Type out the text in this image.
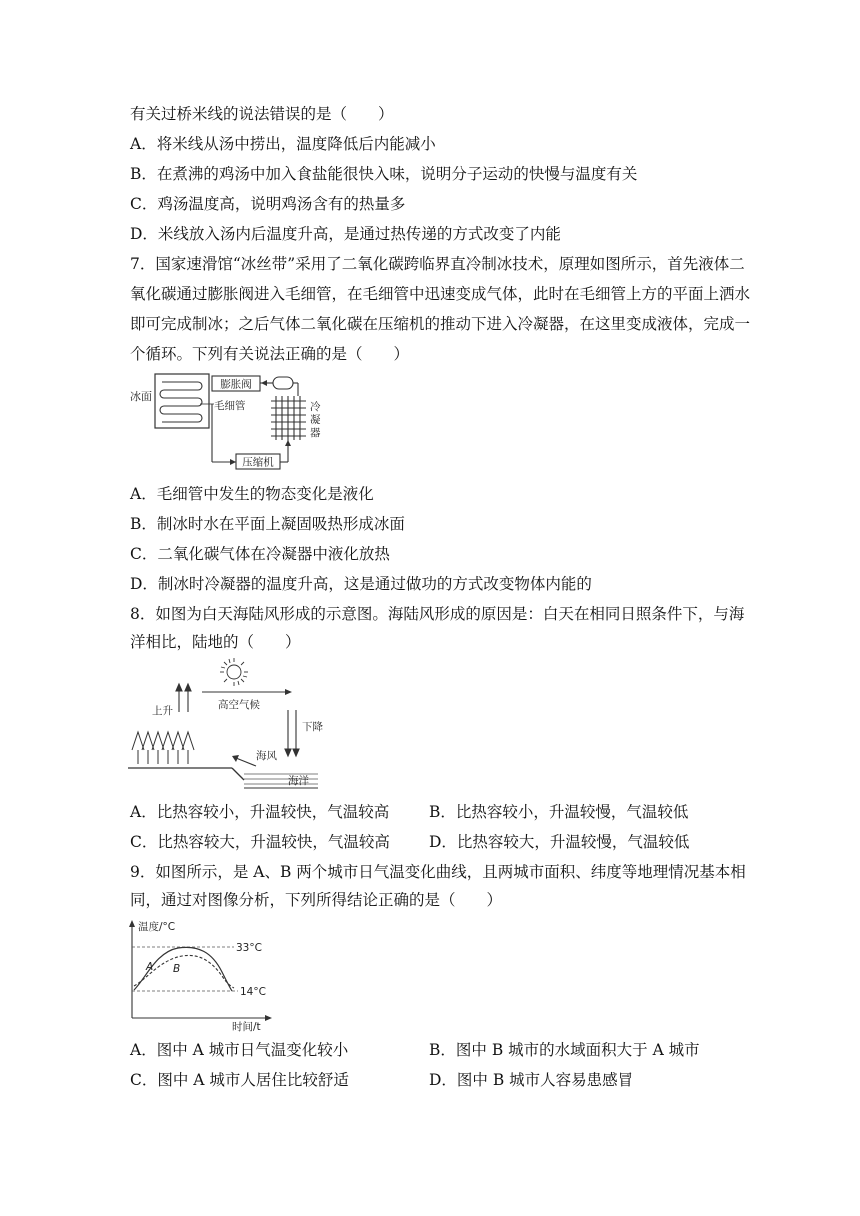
有关过桥米线的说法错误的是（　　）
A．将米线从汤中捞出，温度降低后内能减小
B．在煮沸的鸡汤中加入食盐能很快入味，说明分子运动的快慢与温度有关
C．鸡汤温度高，说明鸡汤含有的热量多
D．米线放入汤内后温度升高，是通过热传递的方式改变了内能
7．国家速滑馆“冰丝带”采用了二氧化碳跨临界直冷制冰技术，原理如图所示，首先液体二
氧化碳通过膨胀阀进入毛细管，在毛细管中迅速变成气体，此时在毛细管上方的平面上洒水
即可完成制冰；之后气体二氧化碳在压缩机的推动下进入冷凝器，在这里变成液体，完成一
个循环。下列有关说法正确的是（　　）
冰面
膨胀阀
毛细管	冷凝器
压缩机
A．毛细管中发生的物态变化是液化
B．制冰时水在平面上凝固吸热形成冰面
C．二氧化碳气体在冷凝器中液化放热
D．制冰时冷凝器的温度升高，这是通过做功的方式改变物体内能的
8．如图为白天海陆风形成的示意图。海陆风形成的原因是：白天在相同日照条件下，与海
洋相比，陆地的（　　）
上升	高空气候
下降
海风
海洋
A．比热容较小，升温较快，气温较高	B．比热容较小，升温较慢，气温较低
C．比热容较大，升温较快，气温较高	D．比热容较大，升温较慢，气温较低
9．如图所示，是 A、B 两个城市日气温变化曲线，且两城市面积、纬度等地理情况基本相
同，通过对图像分析，下列所得结论正确的是（　　）
温度/°C
时间/t
33°C
14°C
A B
A．图中 A 城市日气温变化较小	B．图中 B 城市的水域面积大于 A 城市
C．图中 A 城市人居住比较舒适	D．图中 B 城市人容易患感冒
